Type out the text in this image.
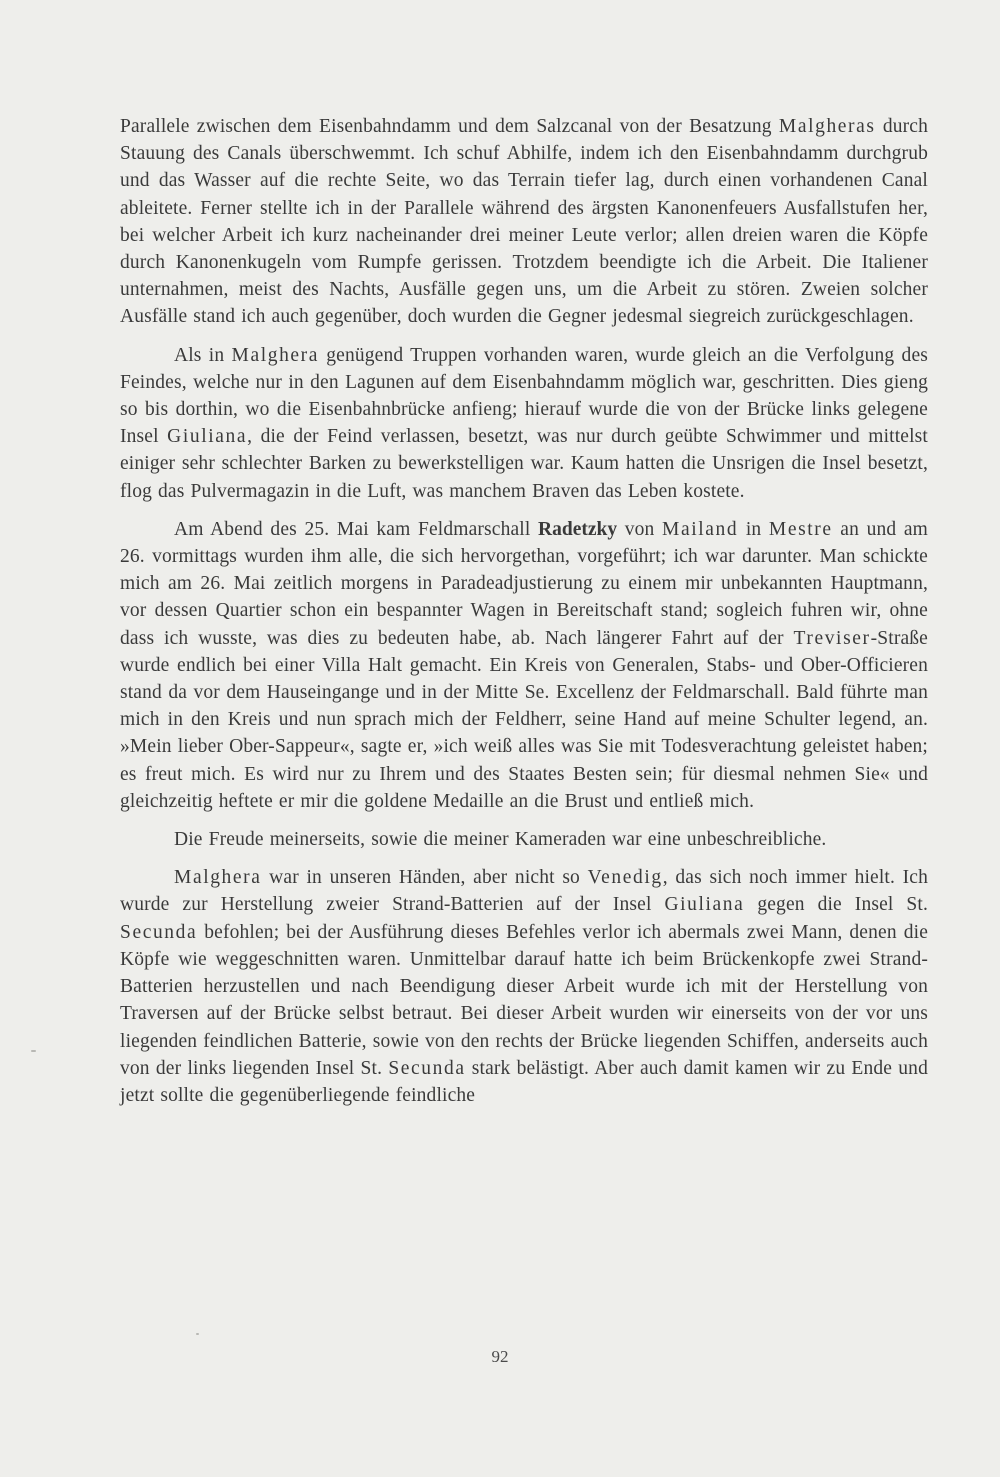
Parallele zwischen dem Eisenbahndamm und dem Salzcanal von der Besatzung Malgheras durch Stauung des Canals überschwemmt. Ich schuf Abhilfe, indem ich den Eisenbahndamm durchgrub und das Wasser auf die rechte Seite, wo das Terrain tiefer lag, durch einen vorhandenen Canal ableitete. Ferner stellte ich in der Parallele während des ärgsten Kanonenfeuers Ausfallstufen her, bei welcher Arbeit ich kurz nacheinander drei meiner Leute verlor; allen dreien waren die Köpfe durch Kanonenkugeln vom Rumpfe gerissen. Trotzdem beendigte ich die Arbeit. Die Italiener unternahmen, meist des Nachts, Ausfälle gegen uns, um die Arbeit zu stören. Zweien solcher Ausfälle stand ich auch gegenüber, doch wurden die Gegner jedesmal siegreich zurückgeschlagen.

Als in Malghera genügend Truppen vorhanden waren, wurde gleich an die Verfolgung des Feindes, welche nur in den Lagunen auf dem Eisenbahndamm möglich war, geschritten. Dies gieng so bis dorthin, wo die Eisenbahnbrücke anfieng; hierauf wurde die von der Brücke links gelegene Insel Giuliana, die der Feind verlassen, besetzt, was nur durch geübte Schwimmer und mittelst einiger sehr schlechter Barken zu bewerkstelligen war. Kaum hatten die Unsrigen die Insel besetzt, flog das Pulvermagazin in die Luft, was manchem Braven das Leben kostete.

Am Abend des 25. Mai kam Feldmarschall Radetzky von Mailand in Mestre an und am 26. vormittags wurden ihm alle, die sich hervorgethan, vorgeführt; ich war darunter. Man schickte mich am 26. Mai zeitlich morgens in Paradeadjustierung zu einem mir unbekannten Hauptmann, vor dessen Quartier schon ein bespannter Wagen in Bereitschaft stand; sogleich fuhren wir, ohne dass ich wusste, was dies zu bedeuten habe, ab. Nach längerer Fahrt auf der Treviser-Straße wurde endlich bei einer Villa Halt gemacht. Ein Kreis von Generalen, Stabs- und Ober-Officieren stand da vor dem Hauseingange und in der Mitte Se. Excellenz der Feldmarschall. Bald führte man mich in den Kreis und nun sprach mich der Feldherr, seine Hand auf meine Schulter legend, an. »Mein lieber Ober-Sappeur«, sagte er, »ich weiß alles was Sie mit Todesverachtung geleistet haben; es freut mich. Es wird nur zu Ihrem und des Staates Besten sein; für diesmal nehmen Sie« und gleichzeitig heftete er mir die goldene Medaille an die Brust und entließ mich.

Die Freude meinerseits, sowie die meiner Kameraden war eine unbeschreibliche.

Malghera war in unseren Händen, aber nicht so Venedig, das sich noch immer hielt. Ich wurde zur Herstellung zweier Strand-Batterien auf der Insel Giuliana gegen die Insel St. Secunda befohlen; bei der Ausführung dieses Befehles verlor ich abermals zwei Mann, denen die Köpfe wie weggeschnitten waren. Unmittelbar darauf hatte ich beim Brückenkopfe zwei Strand-Batterien herzustellen und nach Beendigung dieser Arbeit wurde ich mit der Herstellung von Traversen auf der Brücke selbst betraut. Bei dieser Arbeit wurden wir einerseits von der vor uns liegenden feindlichen Batterie, sowie von den rechts der Brücke liegenden Schiffen, anderseits auch von der links liegenden Insel St. Secunda stark belästigt. Aber auch damit kamen wir zu Ende und jetzt sollte die gegenüberliegende feindliche

92
